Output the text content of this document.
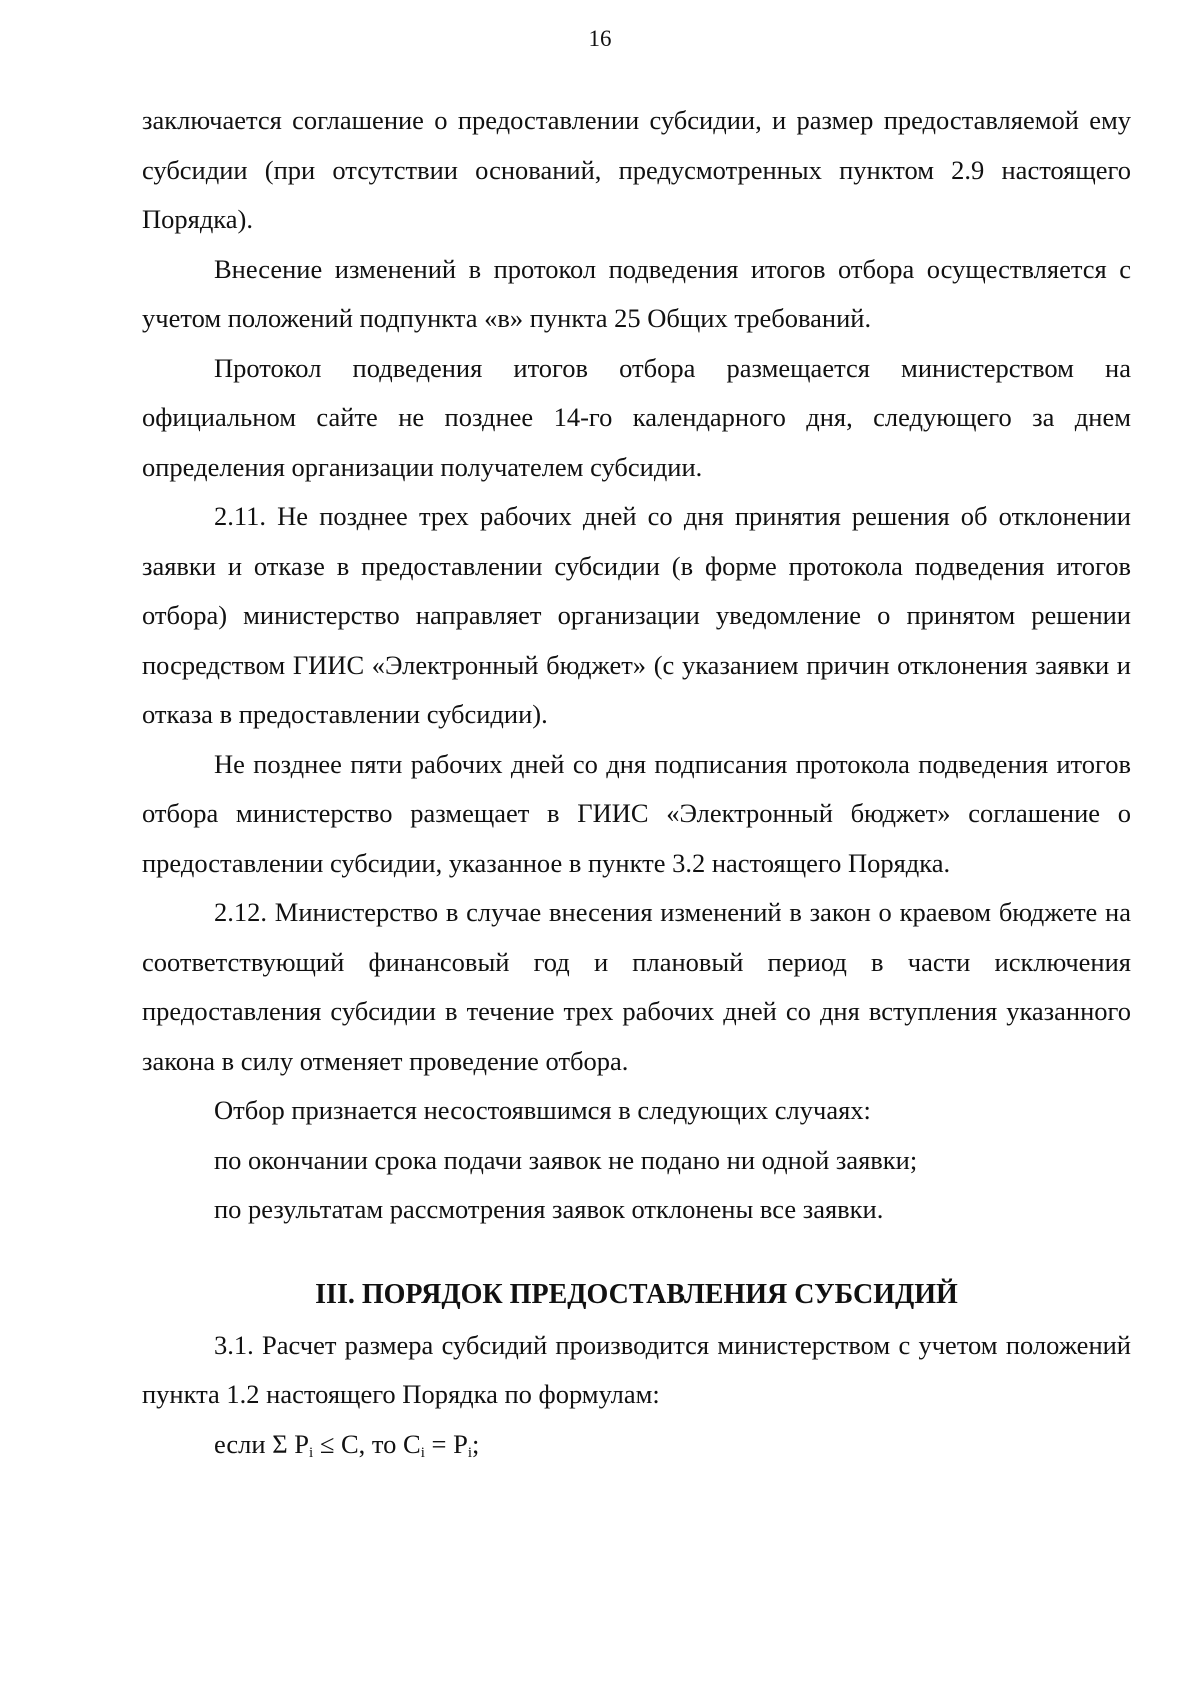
16

заключается соглашение о предоставлении субсидии, и размер предоставляемой ему субсидии (при отсутствии оснований, предусмотренных пунктом 2.9 настоящего Порядка).

Внесение изменений в протокол подведения итогов отбора осуществляется с учетом положений подпункта «в» пункта 25 Общих требований.

Протокол подведения итогов отбора размещается министерством на официальном сайте не позднее 14-го календарного дня, следующего за днем определения организации получателем субсидии.

2.11. Не позднее трех рабочих дней со дня принятия решения об отклонении заявки и отказе в предоставлении субсидии (в форме протокола подведения итогов отбора) министерство направляет организации уведомление о принятом решении посредством ГИИС «Электронный бюджет» (с указанием причин отклонения заявки и отказа в предоставлении субсидии).

Не позднее пяти рабочих дней со дня подписания протокола подведения итогов отбора министерство размещает в ГИИС «Электронный бюджет» соглашение о предоставлении субсидии, указанное в пункте 3.2 настоящего Порядка.

2.12. Министерство в случае внесения изменений в закон о краевом бюджете на соответствующий финансовый год и плановый период в части исключения предоставления субсидии в течение трех рабочих дней со дня вступления указанного закона в силу отменяет проведение отбора.

Отбор признается несостоявшимся в следующих случаях:

по окончании срока подачи заявок не подано ни одной заявки;

по результатам рассмотрения заявок отклонены все заявки.

III. ПОРЯДОК ПРЕДОСТАВЛЕНИЯ СУБСИДИЙ

3.1. Расчет размера субсидий производится министерством с учетом положений пункта 1.2 настоящего Порядка по формулам:

если Σ $P_i \le C$, то $C_i = P_i$;
